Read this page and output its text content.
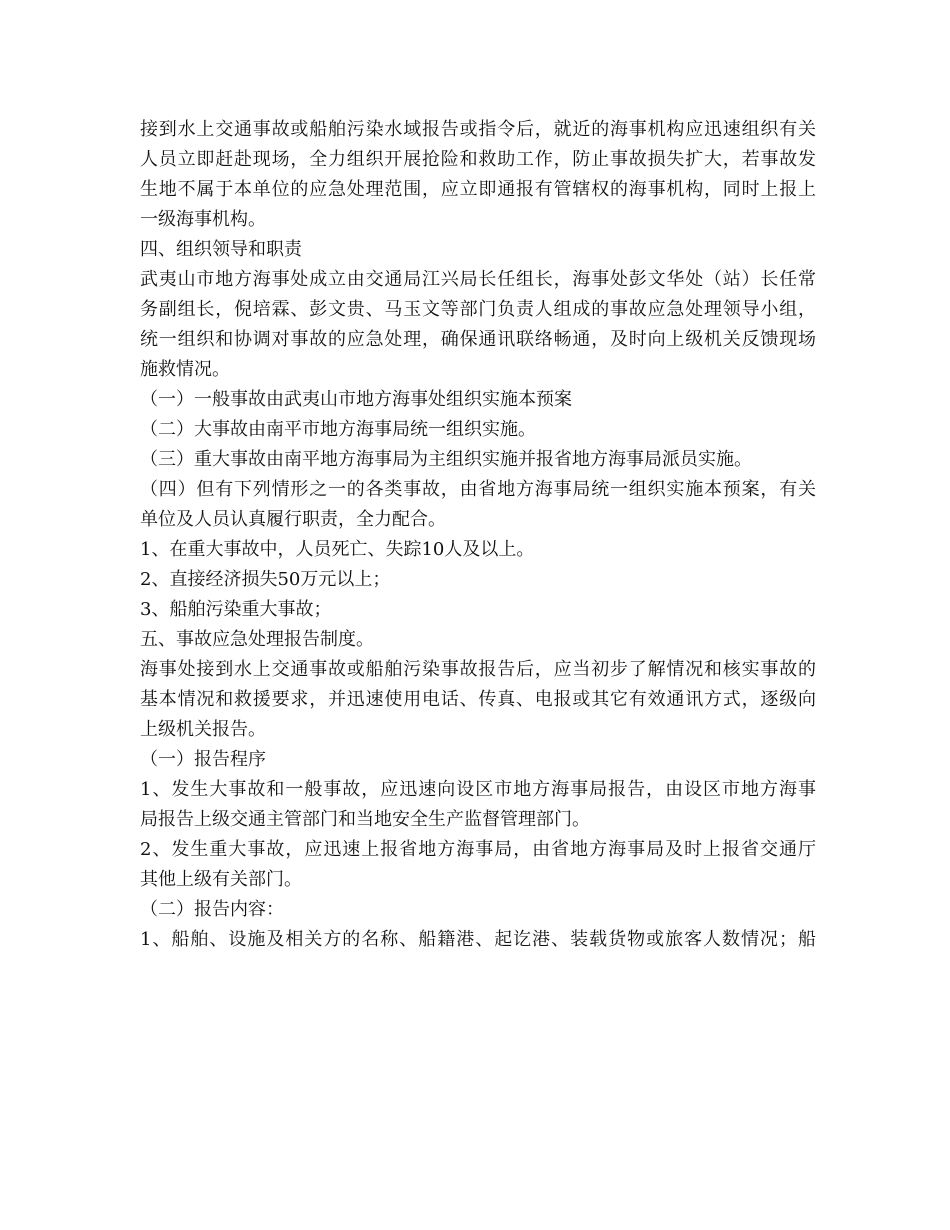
接到水上交通事故或船舶污染水域报告或指令后，就近的海事机构应迅速组织有关
人员立即赶赴现场，全力组织开展抢险和救助工作，防止事故损失扩大，若事故发
生地不属于本单位的应急处理范围，应立即通报有管辖权的海事机构，同时上报上
一级海事机构。
四、组织领导和职责
武夷山市地方海事处成立由交通局江兴局长任组长，海事处彭文华处（站）长任常
务副组长，倪培霖、彭文贵、马玉文等部门负责人组成的事故应急处理领导小组，
统一组织和协调对事故的应急处理，确保通讯联络畅通，及时向上级机关反馈现场
施救情况。
（一）一般事故由武夷山市地方海事处组织实施本预案
（二）大事故由南平市地方海事局统一组织实施。
（三）重大事故由南平地方海事局为主组织实施并报省地方海事局派员实施。
（四）但有下列情形之一的各类事故，由省地方海事局统一组织实施本预案，有关
单位及人员认真履行职责，全力配合。
1、在重大事故中，人员死亡、失踪10人及以上。
2、直接经济损失50万元以上；
3、船舶污染重大事故；
五、事故应急处理报告制度。
海事处接到水上交通事故或船舶污染事故报告后，应当初步了解情况和核实事故的
基本情况和救援要求，并迅速使用电话、传真、电报或其它有效通讯方式，逐级向
上级机关报告。
（一）报告程序
1、发生大事故和一般事故，应迅速向设区市地方海事局报告，由设区市地方海事
局报告上级交通主管部门和当地安全生产监督管理部门。
2、发生重大事故，应迅速上报省地方海事局，由省地方海事局及时上报省交通厅
其他上级有关部门。
（二）报告内容：
1、船舶、设施及相关方的名称、船籍港、起讫港、装载货物或旅客人数情况；船
